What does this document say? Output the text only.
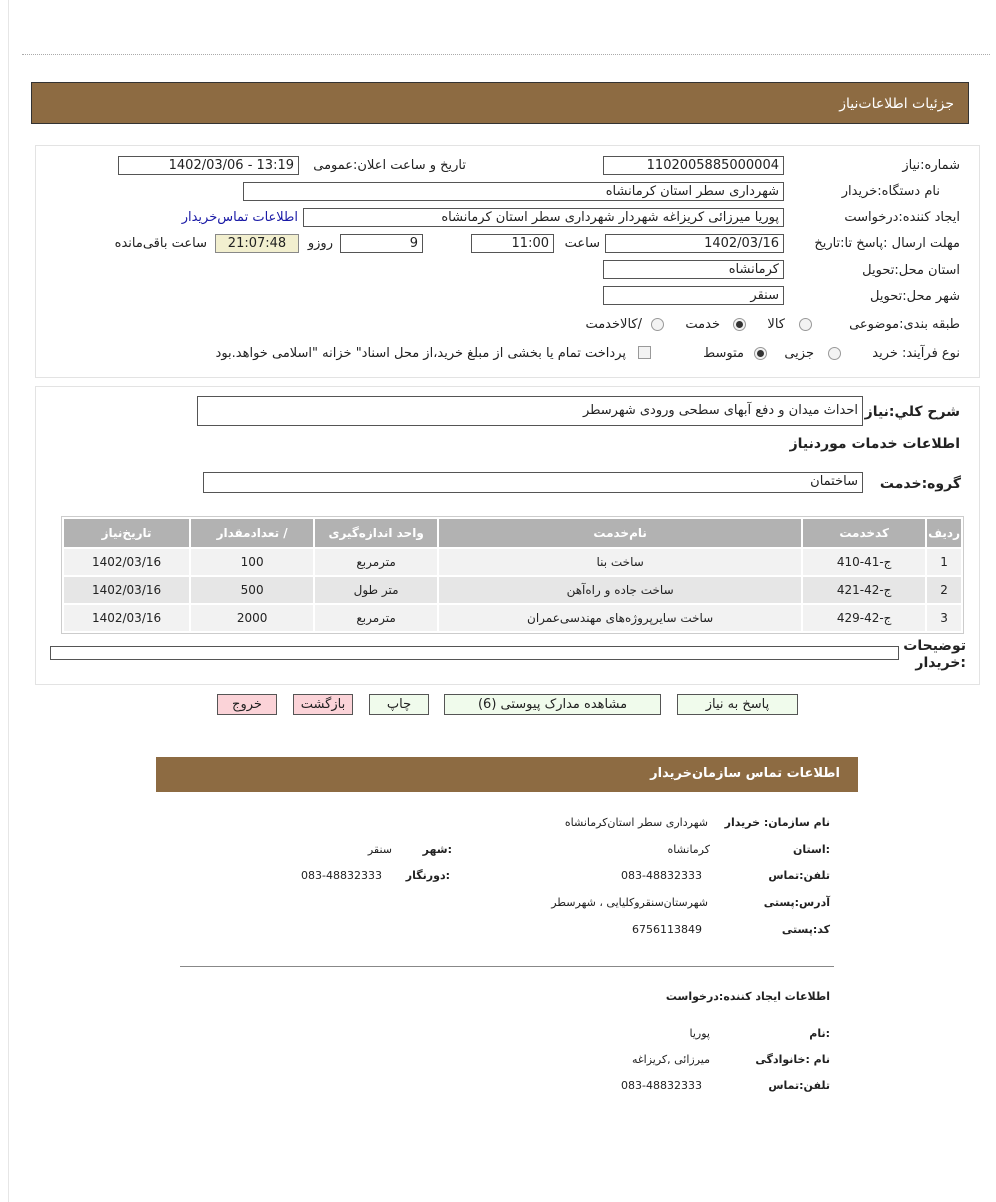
جزئیات اطلاعات‌نیاز
شماره:نیاز
1102005885000004
تاریخ و ساعت اعلان:عمومی
1402/03/06 - 13:19
نام دستگاه:خریدار
شهرداری سطر استان کرمانشاه
ایجاد کننده:درخواست
پوریا میرزائی کریزاغه شهردار شهرداری سطر استان کرمانشاه
اطلاعات تماس‌خریدار
مهلت ارسال :پاسخ تا:تاریخ
1402/03/16
ساعت
11:00
9
روزو
21:07:48
ساعت باقی‌مانده
استان محل:تحویل
کرمانشاه
شهر محل:تحویل
سنقر
طبقه بندی:موضوعی
کالا
خدمت
/کالاخدمت
نوع فرآیند: خرید
جزیی
متوسط
پرداخت تمام یا بخشی از مبلغ خرید،از محل اسناد" خزانه "اسلامی خواهد.بود
شرح کلي:نیاز
احداث میدان و دفع آبهای سطحی ورودی شهرسطر
اطلاعات خدمات موردنیاز
گروه:خدمت
ساختمان
ردیف	کدخدمت	نام‌خدمت	واحد اندازه‌گیری	/ تعدادمقدار	تاریخ‌نیاز
1	ج-41-410	ساخت بنا	مترمربع	100	1402/03/16
2	ج-42-421	ساخت جاده و راه‌آهن	متر طول	500	1402/03/16
3	ج-42-429	ساخت سایرپروژه‌های مهندسی‌عمران	مترمربع	2000	1402/03/16
توضیحات :خریدار
پاسخ به نیاز
مشاهده مدارک پیوستی (6)
چاپ
بازگشت
خروج
اطلاعات تماس سازمان‌خریدار
نام سازمان: خریدار
شهرداری سطر استان‌کرمانشاه
:استان
کرمانشاه
:شهر
سنقر
تلفن:تماس
083-48832333
:دورنگار
083-48832333
آدرس:پستی
شهرستان‌سنقروکلیایی ، شهرسطر
کد:پستی
6756113849
اطلاعات ایجاد کننده:درخواست
:نام
پوریا
نام :خانوادگی
میرزائی ,کریزاغه
تلفن:تماس
083-48832333
